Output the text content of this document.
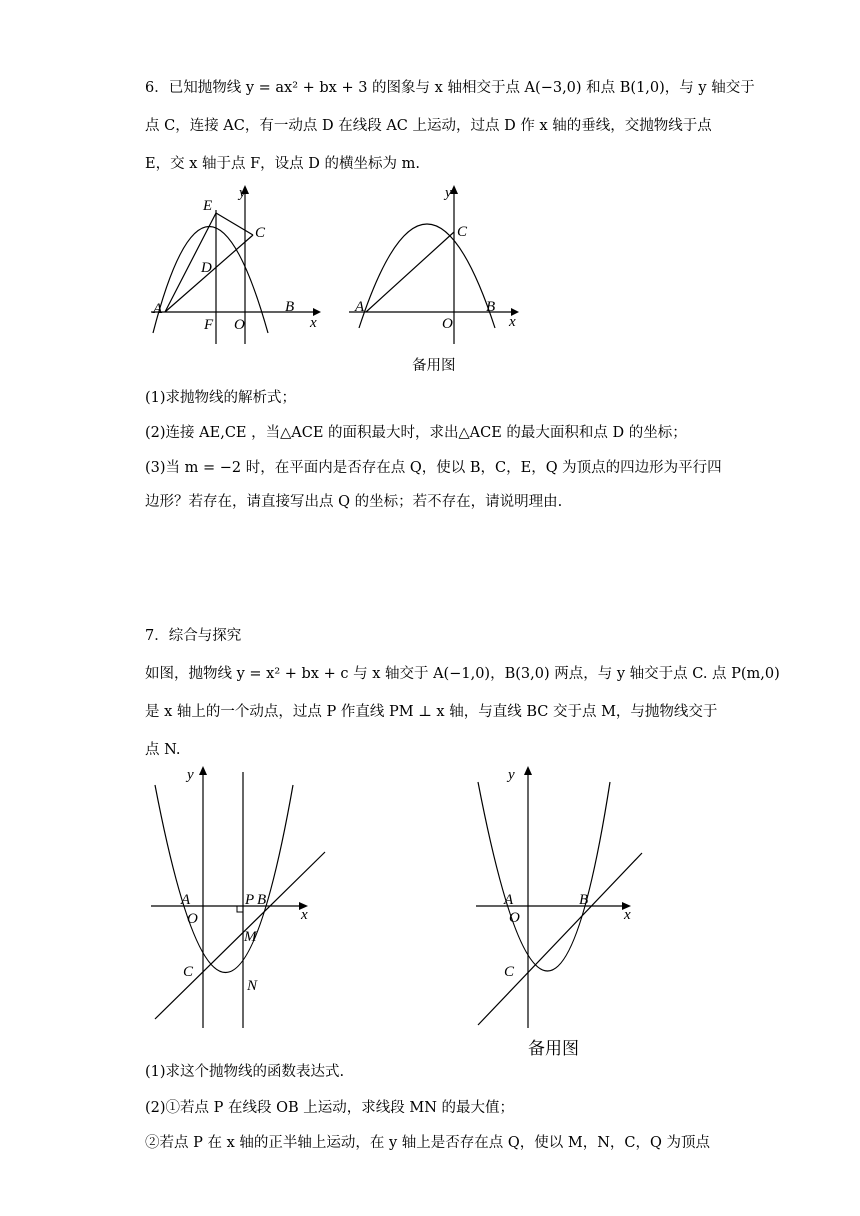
6．已知抛物线 y = ax² + bx + 3 的图象与 x 轴相交于点 A(−3,0) 和点 B(1,0)，与 y 轴交于
点 C，连接 AC，有一动点 D 在线段 AC 上运动，过点 D 作 x 轴的垂线，交抛物线于点
E，交 x 轴于点 F，设点 D 的横坐标为 m.
E
C
D
A
F O
B
x
y
C
A
O
B
x
y
备用图
(1)求抛物线的解析式；
(2)连接 AE,CE ，当△ACE 的面积最大时，求出△ACE 的最大面积和点 D 的坐标；
(3)当 m = −2 时，在平面内是否存在点 Q，使以 B，C，E，Q 为顶点的四边形为平行四
边形？若存在，请直接写出点 Q 的坐标；若不存在，请说明理由.
7．综合与探究
如图，抛物线 y = x² + bx + c 与 x 轴交于 A(−1,0)，B(3,0) 两点，与 y 轴交于点 C. 点 P(m,0)
是 x 轴上的一个动点，过点 P 作直线 PM ⊥ x 轴，与直线 BC 交于点 M，与抛物线交于
点 N.
y
A	P B
O	x
M
C
N
y
A	B
O	x
C
备用图
(1)求这个抛物线的函数表达式.
(2)①若点 P 在线段 OB 上运动，求线段 MN 的最大值；
②若点 P 在 x 轴的正半轴上运动，在 y 轴上是否存在点 Q，使以 M，N，C，Q 为顶点
